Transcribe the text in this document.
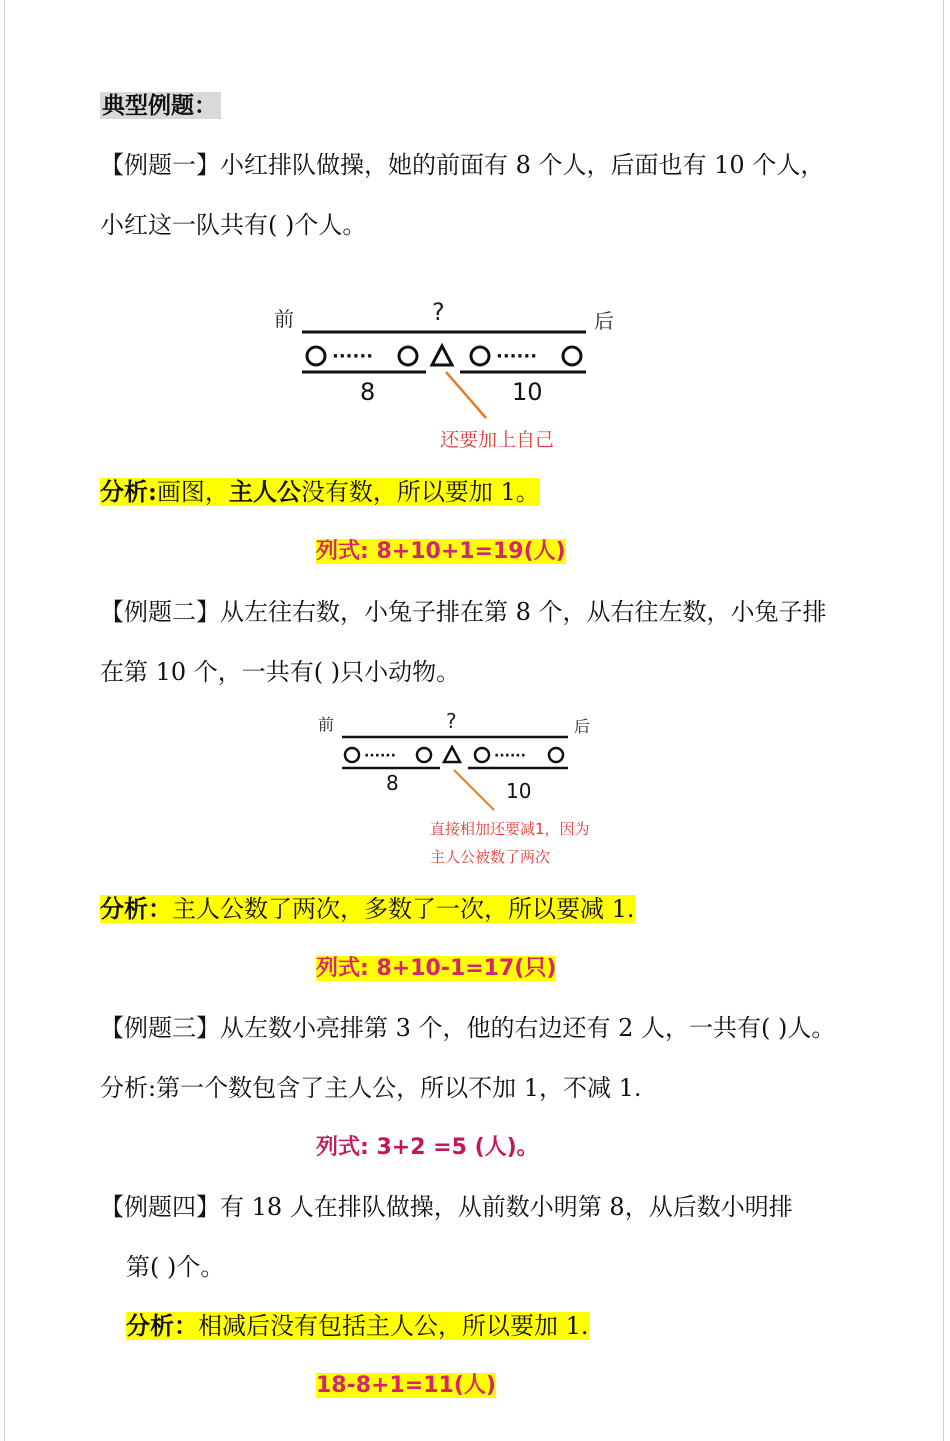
典型例题：
【例题一】小红排队做操，她的前面有 8 个人，后面也有 10 个人，
小红这一队共有( )个人。
前	?	后
······	······
8	10
还要加上自己
分析:画图，主人公没有数，所以要加 1。
列式: 8+10+1=19(人)
【例题二】从左往右数，小兔子排在第 8 个，从右往左数，小兔子排
在第 10 个，一共有( )只小动物。
前	?	后
······	······
8	10
直接相加还要减1，因为
主人公被数了两次
分析：主人公数了两次，多数了一次，所以要减 1.
列式: 8+10-1=17(只)
【例题三】从左数小亮排第 3 个，他的右边还有 2 人，一共有( )人。
分析:第一个数包含了主人公，所以不加 1，不减 1.
列式: 3+2 =5 (人)。
【例题四】有 18 人在排队做操，从前数小明第 8，从后数小明排
第( )个。
分析：相减后没有包括主人公，所以要加 1.
18-8+1=11(人)
